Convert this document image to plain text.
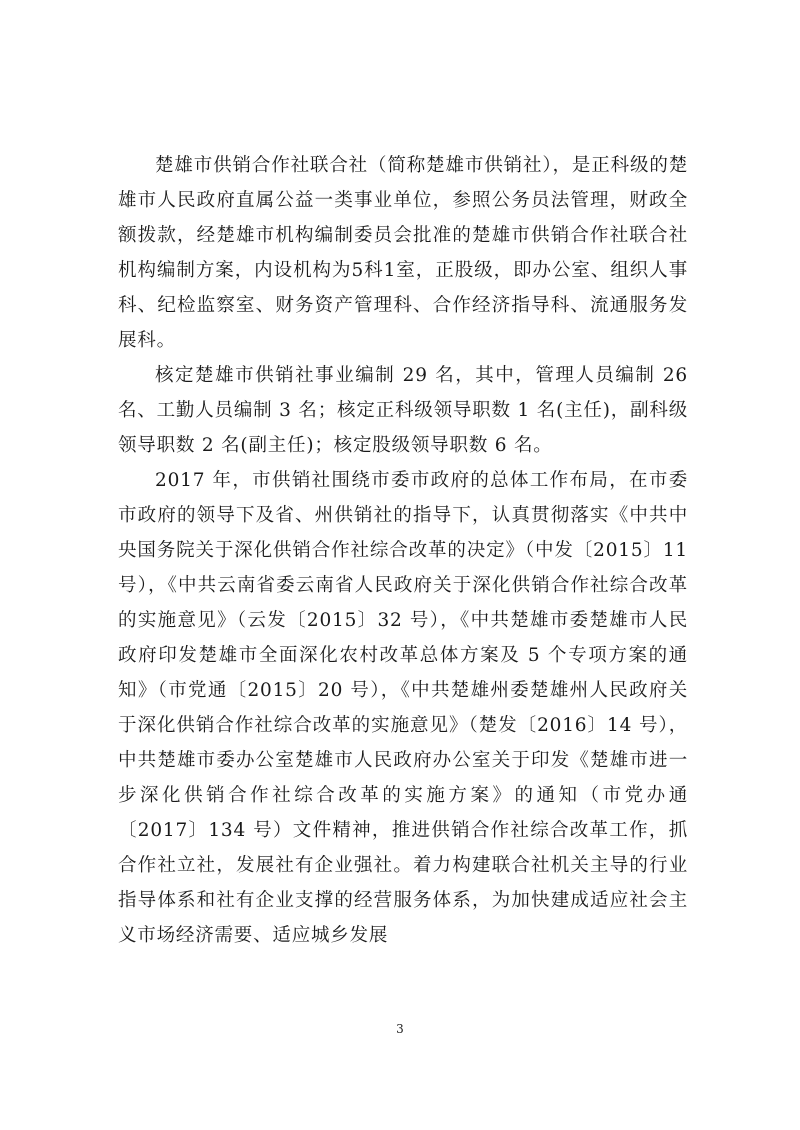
楚雄市供销合作社联合社（简称楚雄市供销社），是正科级的楚雄市人民政府直属公益一类事业单位，参照公务员法管理，财政全额拨款，经楚雄市机构编制委员会批准的楚雄市供销合作社联合社机构编制方案，内设机构为5科1室，正股级，即办公室、组织人事科、纪检监察室、财务资产管理科、合作经济指导科、流通服务发展科。

核定楚雄市供销社事业编制 29 名，其中，管理人员编制 26 名、工勤人员编制 3 名；核定正科级领导职数 1 名(主任)，副科级领导职数 2 名(副主任)；核定股级领导职数 6 名。

2017 年，市供销社围绕市委市政府的总体工作布局，在市委市政府的领导下及省、州供销社的指导下，认真贯彻落实《中共中央国务院关于深化供销合作社综合改革的决定》（中发〔2015〕11 号），《中共云南省委云南省人民政府关于深化供销合作社综合改革的实施意见》（云发〔2015〕32 号），《中共楚雄市委楚雄市人民政府印发楚雄市全面深化农村改革总体方案及 5 个专项方案的通知》（市党通〔2015〕20 号），《中共楚雄州委楚雄州人民政府关于深化供销合作社综合改革的实施意见》（楚发〔2016〕14 号），中共楚雄市委办公室楚雄市人民政府办公室关于印发《楚雄市进一步深化供销合作社综合改革的实施方案》的通知（市党办通〔2017〕134 号）文件精神，推进供销合作社综合改革工作，抓合作社立社，发展社有企业强社。着力构建联合社机关主导的行业指导体系和社有企业支撑的经营服务体系，为加快建成适应社会主义市场经济需要、适应城乡发展

3
